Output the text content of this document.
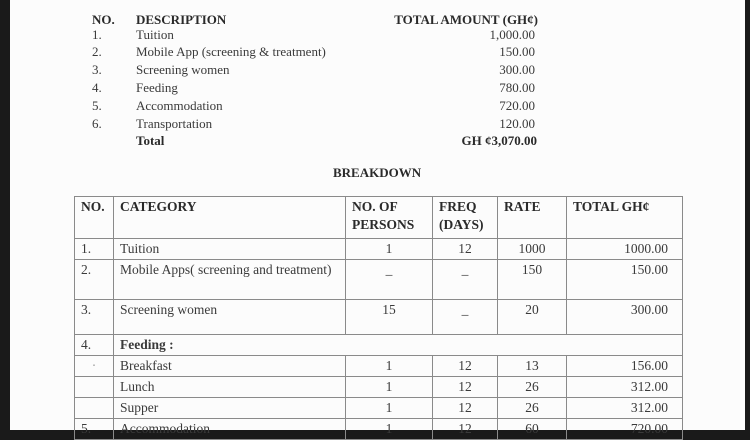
NO. DESCRIPTION	TOTAL AMOUNT (GH¢)
1.	Tuition	1,000.00
2.	Mobile App (screening & treatment)	150.00
3.	Screening women	300.00
4.	Feeding	780.00
5.	Accommodation	720.00
6.	Transportation	120.00
Total	GH ¢3,070.00
BREAKDOWN
NO.	CATEGORY	NO. OF PERSONS	FREQ (DAYS)	RATE	TOTAL GH¢
1.	Tuition	1	12	1000	1000.00
2.	Mobile Apps( screening and treatment)	_	_	150	150.00
3.	Screening women	15	_	20	300.00
4.	Feeding :				
·	Breakfast	1	12	13	156.00
	Lunch	1	12	26	312.00
	Supper	1	12	26	312.00
5.	Accommodation	1	12	60	720.00
